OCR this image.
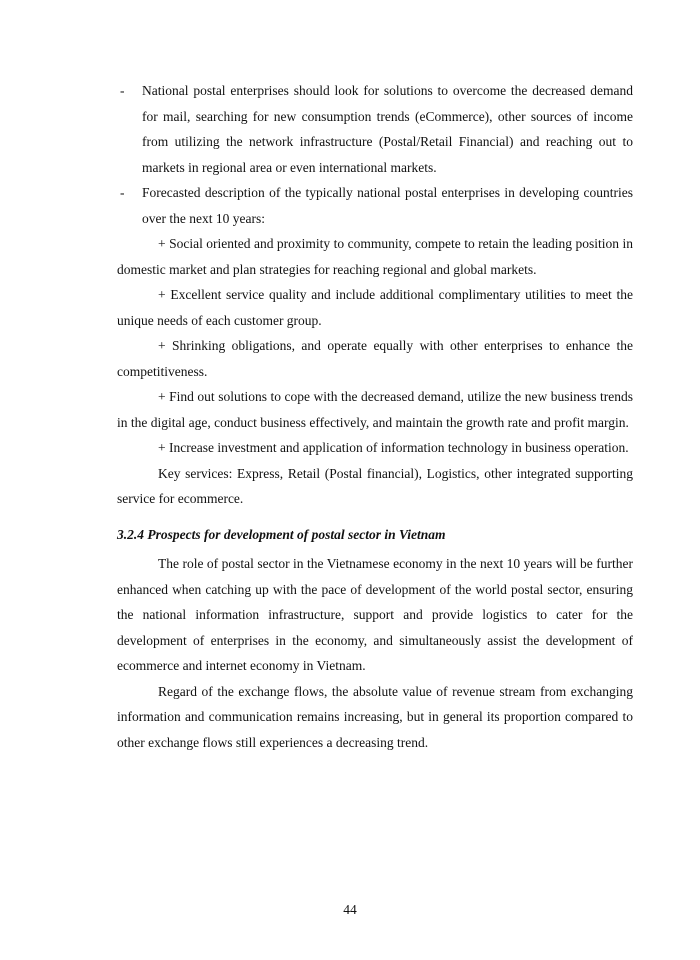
- National postal enterprises should look for solutions to overcome the decreased demand for mail, searching for new consumption trends (eCommerce), other sources of income from utilizing the network infrastructure (Postal/Retail Financial) and reaching out to markets in regional area or even international markets.
- Forecasted description of the typically national postal enterprises in developing countries over the next 10 years:

+ Social oriented and proximity to community, compete to retain the leading position in domestic market and plan strategies for reaching regional and global markets.

+ Excellent service quality and include additional complimentary utilities to meet the unique needs of each customer group.

+ Shrinking obligations, and operate equally with other enterprises to enhance the competitiveness.

+ Find out solutions to cope with the decreased demand, utilize the new business trends in the digital age, conduct business effectively, and maintain the growth rate and profit margin.

+ Increase investment and application of information technology in business operation.

Key services: Express, Retail (Postal financial), Logistics, other integrated supporting service for ecommerce.

3.2.4 Prospects for development of postal sector in Vietnam

The role of postal sector in the Vietnamese economy in the next 10 years will be further enhanced when catching up with the pace of development of the world postal sector, ensuring the national information infrastructure, support and provide logistics to cater for the development of enterprises in the economy, and simultaneously assist the development of ecommerce and internet economy in Vietnam.

Regard of the exchange flows, the absolute value of revenue stream from exchanging information and communication remains increasing, but in general its proportion compared to other exchange flows still experiences a decreasing trend.

44
